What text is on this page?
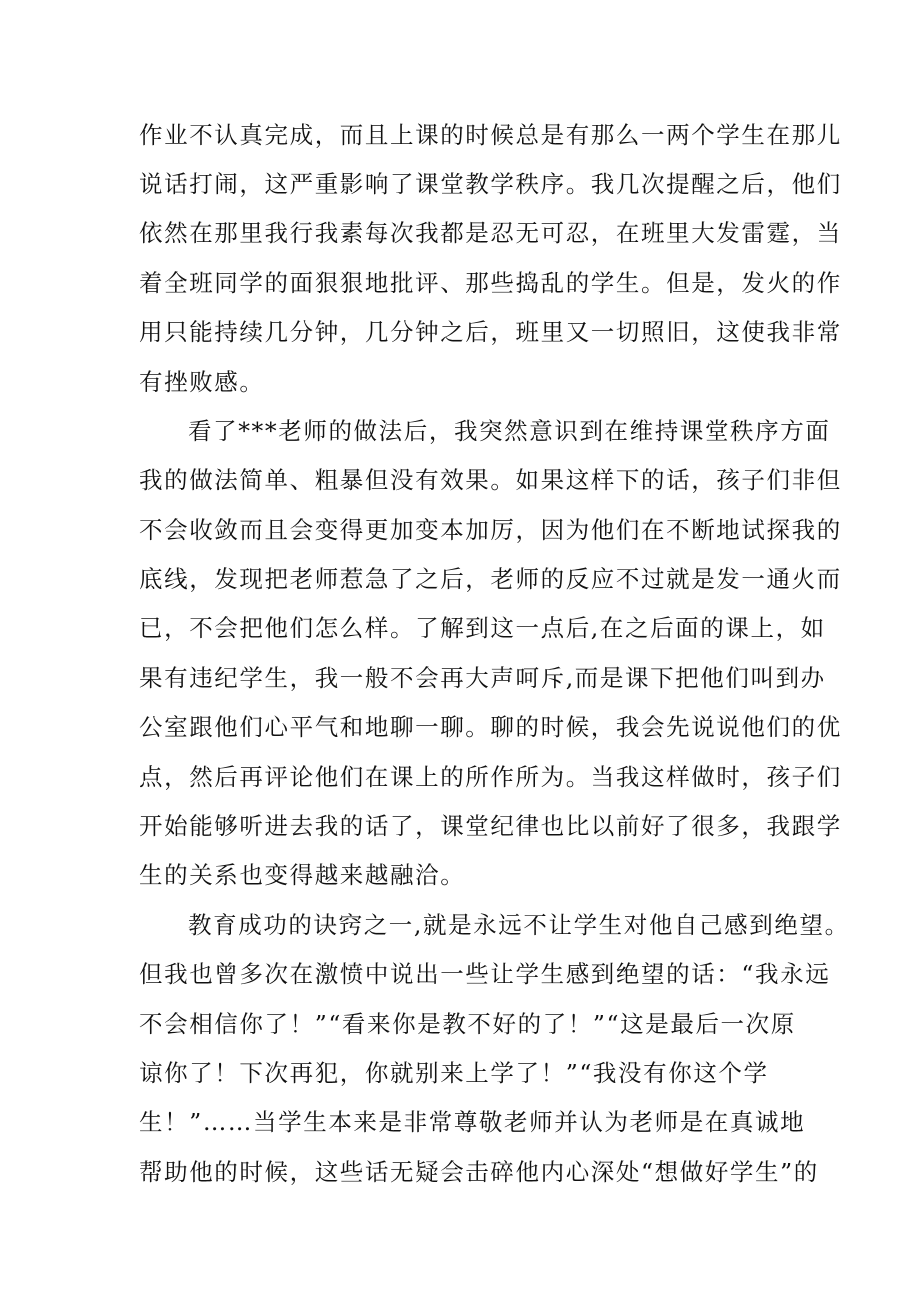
作业不认真完成，而且上课的时候总是有那么一两个学生在那儿
说话打闹，这严重影响了课堂教学秩序。我几次提醒之后，他们
依然在那里我行我素每次我都是忍无可忍，在班里大发雷霆，当
着全班同学的面狠狠地批评、那些捣乱的学生。但是，发火的作
用只能持续几分钟，几分钟之后，班里又一切照旧，这使我非常
有挫败感。
看了***老师的做法后，我突然意识到在维持课堂秩序方面
我的做法简单、粗暴但没有效果。如果这样下的话，孩子们非但
不会收敛而且会变得更加变本加厉，因为他们在不断地试探我的
底线，发现把老师惹急了之后，老师的反应不过就是发一通火而
已，不会把他们怎么样。了解到这一点后,在之后面的课上，如
果有违纪学生，我一般不会再大声呵斥,而是课下把他们叫到办
公室跟他们心平气和地聊一聊。聊的时候，我会先说说他们的优
点，然后再评论他们在课上的所作所为。当我这样做时，孩子们
开始能够听进去我的话了，课堂纪律也比以前好了很多，我跟学
生的关系也变得越来越融洽。
教育成功的诀窍之一,就是永远不让学生对他自己感到绝望。
但我也曾多次在激愤中说出一些让学生感到绝望的话：“我永远
不会相信你了！”“看来你是教不好的了！”“这是最后一次原
谅你了！下次再犯，你就别来上学了！”“我没有你这个学
生！”……当学生本来是非常尊敬老师并认为老师是在真诚地
帮助他的时候，这些话无疑会击碎他内心深处“想做好学生”的
